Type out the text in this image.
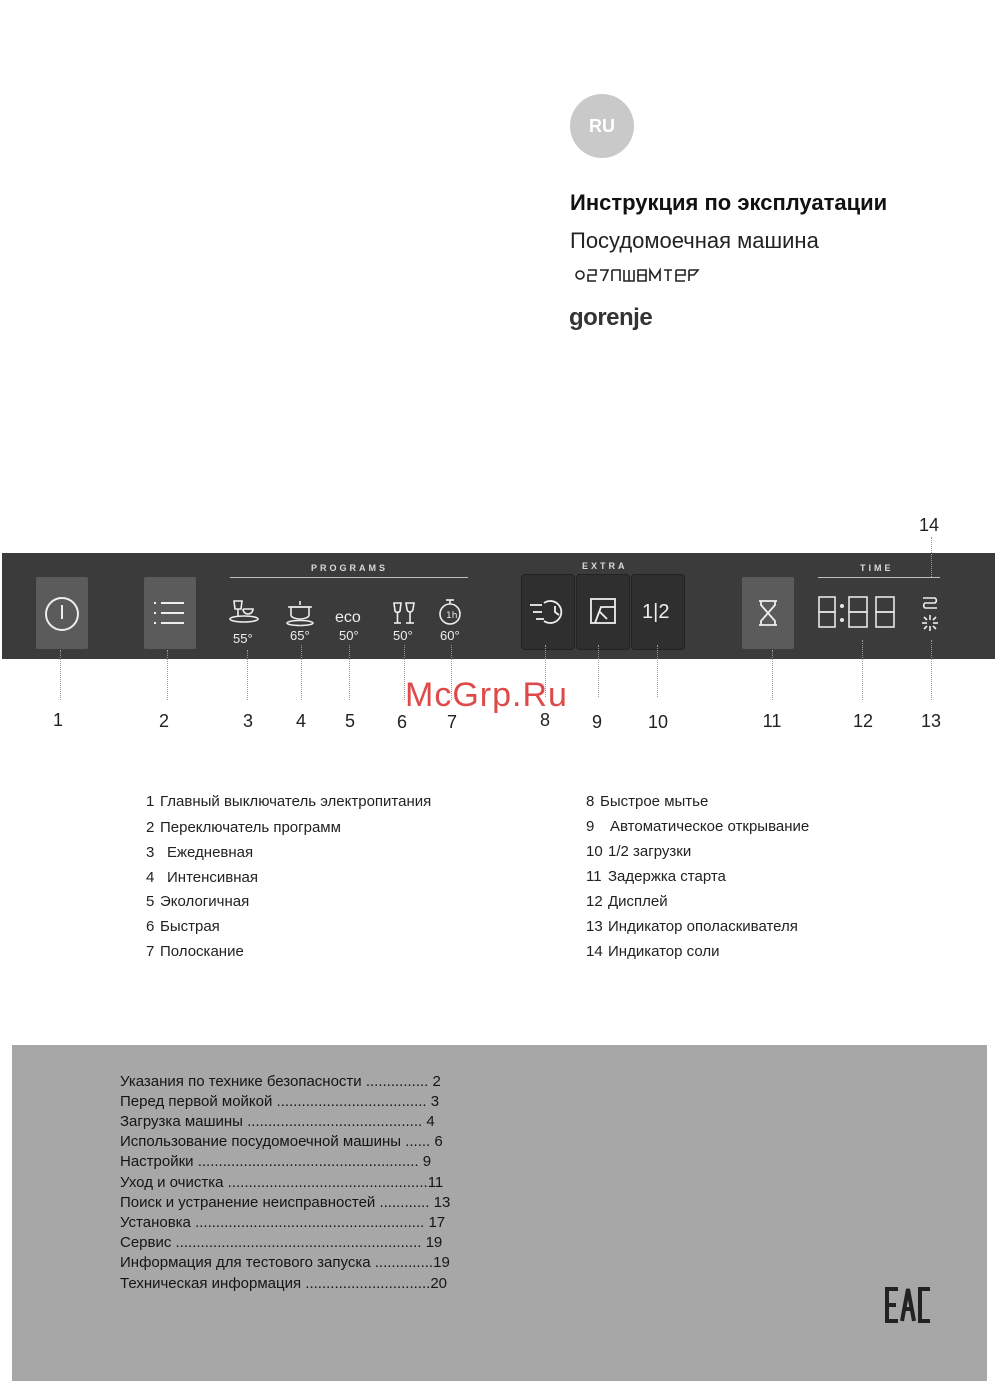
RU
Инструкция по эксплуатации
Посудомоечная машина
gorenje
PROGRAMS
55°	65°
eco
50°	50°
1h
60°
EXTRA
1|2
TIME
1	2	3	4	5	6	7	8	9	10	11	12	13
14
McGrp.Ru
1 Главный выключатель электропитания
2 Переключатель программ
3 Ежедневная
4 Интенсивная
5 Экологичная
6 Быстрая
7 Полоскание
8 Быстрое мытье
9 Автоматическое открывание
10 1/2 загрузки
11 Задержка старта
12 Дисплей
13 Индикатор ополаскивателя
14 Индикатор соли
Указания по технике безопасности ............... 2
Перед первой мойкой .................................... 3
Загрузка машины .......................................... 4
Использование посудомоечной машины ...... 6
Настройки ..................................................... 9
Уход и очистка ................................................11
Поиск и устранение неисправностей ............ 13
Установка ....................................................... 17
Сервис ........................................................... 19
Информация для тестового запуска ..............19
Техническая информация ..............................20
